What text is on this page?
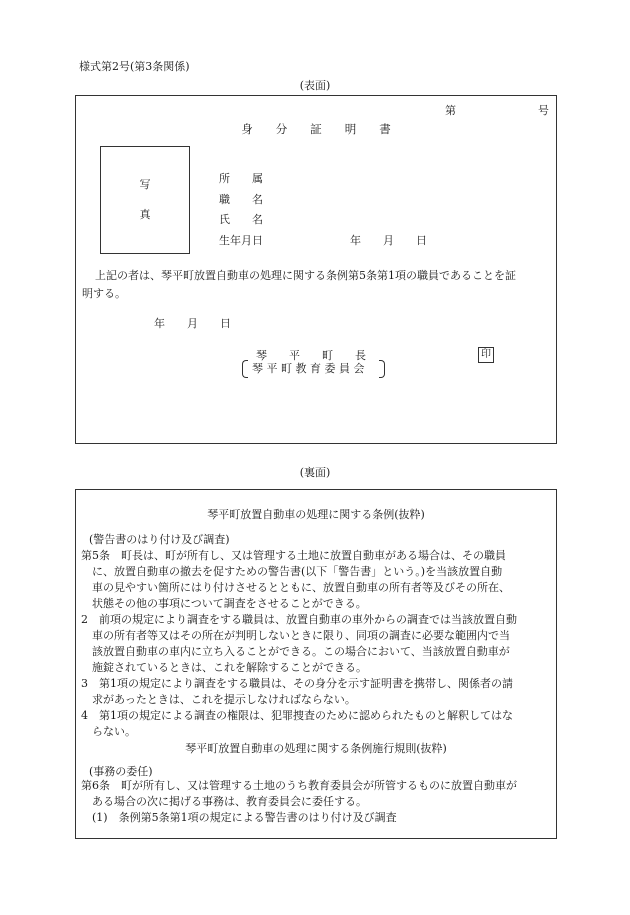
様式第2号(第3条関係)
(表面)
第	号
身　　分　　証　　明　　書
写
真
所　　属
職　　名
氏　　名
生年月日	年　　月　　日
上記の者は、琴平町放置自動車の処理に関する条例第5条第1項の職員であることを証
明する。
年　　月　　日
琴　　平　　町　　長	印
琴 平 町 教 育 委 員 会
(裏面)
琴平町放置自動車の処理に関する条例(抜粋)
(警告書のはり付け及び調査)
第5条　町長は、町が所有し、又は管理する土地に放置自動車がある場合は、その職員
　に、放置自動車の撤去を促すための警告書(以下「警告書」という。)を当該放置自動
　車の見やすい箇所にはり付けさせるとともに、放置自動車の所有者等及びその所在、
　状態その他の事項について調査をさせることができる。
2　前項の規定により調査をする職員は、放置自動車の車外からの調査では当該放置自動
　車の所有者等又はその所在が判明しないときに限り、同項の調査に必要な範囲内で当
　該放置自動車の車内に立ち入ることができる。この場合において、当該放置自動車が
　施錠されているときは、これを解除することができる。
3　第1項の規定により調査をする職員は、その身分を示す証明書を携帯し、関係者の請
　求があったときは、これを提示しなければならない。
4　第1項の規定による調査の権限は、犯罪捜査のために認められたものと解釈してはな
　らない。
琴平町放置自動車の処理に関する条例施行規則(抜粋)
(事務の委任)
第6条　町が所有し、又は管理する土地のうち教育委員会が所管するものに放置自動車が
　ある場合の次に掲げる事務は、教育委員会に委任する。
　(1)　条例第5条第1項の規定による警告書のはり付け及び調査
